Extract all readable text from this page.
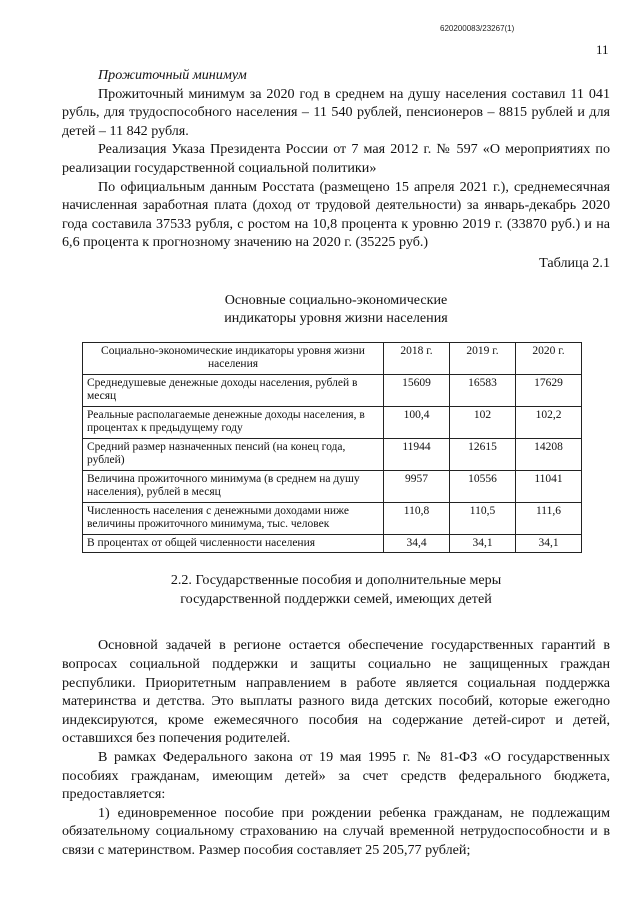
620200083/23267(1)
11
Прожиточный минимум

Прожиточный минимум за 2020 год в среднем на душу населения составил 11 041 рубль, для трудоспособного населения – 11 540 рублей, пенсионеров – 8815 рублей и для детей – 11 842 рубля.

Реализация Указа Президента России от 7 мая 2012 г. № 597 «О мероприятиях по реализации государственной социальной политики»

По официальным данным Росстата (размещено 15 апреля 2021 г.), среднемесячная начисленная заработная плата (доход от трудовой деятельности) за январь-декабрь 2020 года составила 37533 рубля, с ростом на 10,8 процента к уровню 2019 г. (33870 руб.) и на 6,6 процента к прогнозному значению на 2020 г. (35225 руб.)

Таблица 2.1
Основные социально-экономические
индикаторы уровня жизни населения
Социально-экономические индикаторы уровня жизни населения	2018 г.	2019 г.	2020 г.
Среднедушевые денежные доходы населения, рублей в месяц	15609	16583	17629
Реальные располагаемые денежные доходы населения, в процентах к предыдущему году	100,4	102	102,2
Средний размер назначенных пенсий (на конец года, рублей)	11944	12615	14208
Величина прожиточного минимума (в среднем на душу населения), рублей в месяц	9957	10556	11041
Численность населения с денежными доходами ниже величины прожиточного минимума, тыс. человек	110,8	110,5	111,6
В процентах от общей численности населения	34,4	34,1	34,1
2.2. Государственные пособия и дополнительные меры
государственной поддержки семей, имеющих детей

Основной задачей в регионе остается обеспечение государственных гарантий в вопросах социальной поддержки и защиты социально не защищенных граждан республики. Приоритетным направлением в работе является социальная поддержка материнства и детства. Это выплаты разного вида детских пособий, которые ежегодно индексируются, кроме ежемесячного пособия на содержание детей-сирот и детей, оставшихся без попечения родителей.

В рамках Федерального закона от 19 мая 1995 г. № 81-ФЗ «О государственных пособиях гражданам, имеющим детей» за счет средств федерального бюджета, предоставляется:

1) единовременное пособие при рождении ребенка гражданам, не подлежащим обязательному социальному страхованию на случай временной нетрудоспособности и в связи с материнством. Размер пособия составляет 25 205,77 рублей;
